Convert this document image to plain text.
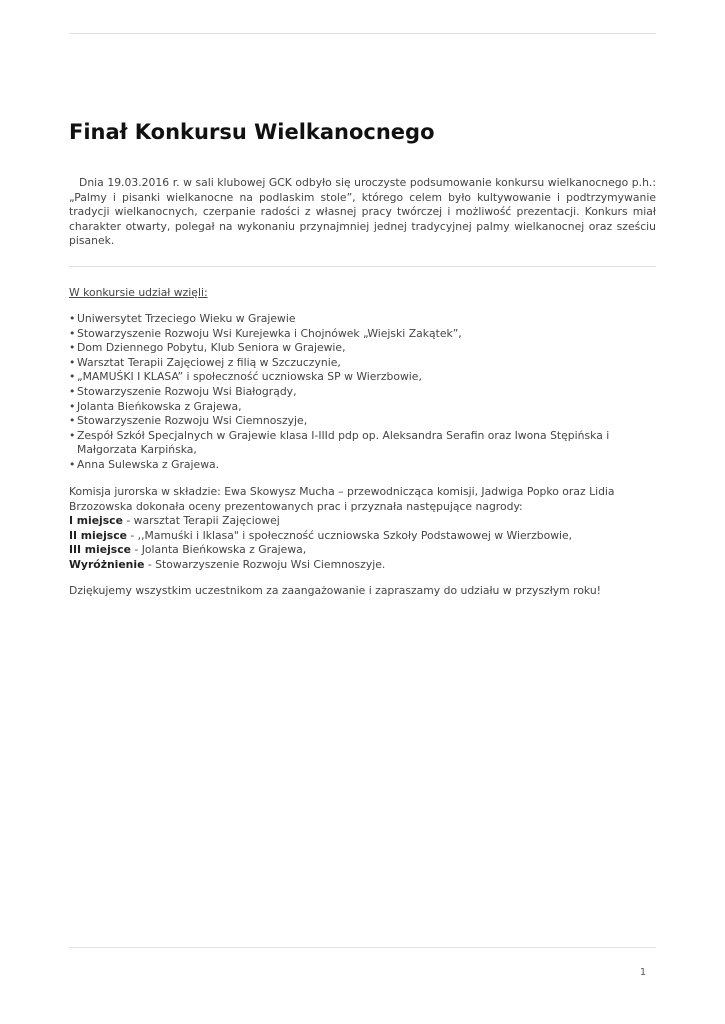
Finał Konkursu Wielkanocnego

Dnia 19.03.2016 r. w sali klubowej GCK odbyło się uroczyste podsumowanie konkursu wielkanocnego p.h.: „Palmy i pisanki wielkanocne na podlaskim stole”, którego celem było kultywowanie i podtrzymywanie tradycji wielkanocnych, czerpanie radości z własnej pracy twórczej i możliwość prezentacji. Konkurs miał charakter otwarty, polegał na wykonaniu przynajmniej jednej tradycyjnej palmy wielkanocnej oraz sześciu pisanek.

W konkursie udział wzięli:

• Uniwersytet Trzeciego Wieku w Grajewie
• Stowarzyszenie Rozwoju Wsi Kurejewka i Chojnówek „Wiejski Zakątek”,
• Dom Dziennego Pobytu, Klub Seniora w Grajewie,
• Warsztat Terapii Zajęciowej z filią w Szczuczynie,
• „MAMUŚKI I KLASA” i społeczność uczniowska SP w Wierzbowie,
• Stowarzyszenie Rozwoju Wsi Białogrądy,
• Jolanta Bieńkowska z Grajewa,
• Stowarzyszenie Rozwoju Wsi Ciemnoszyje,
• Zespół Szkół Specjalnych w Grajewie klasa I-IIId pdp op. Aleksandra Serafin oraz Iwona Stępińska i Małgorzata Karpińska,
• Anna Sulewska z Grajewa.

Komisja jurorska w składzie: Ewa Skowysz Mucha – przewodnicząca komisji, Jadwiga Popko oraz Lidia Brzozowska dokonała oceny prezentowanych prac i przyznała następujące nagrody:

I miejsce - warsztat Terapii Zajęciowej

II miejsce - ,,Mamuśki i Iklasa" i społeczność uczniowska Szkoły Podstawowej w Wierzbowie,

III miejsce - Jolanta Bieńkowska z Grajewa,

Wyróżnienie - Stowarzyszenie Rozwoju Wsi Ciemnoszyje.

Dziękujemy wszystkim uczestnikom za zaangażowanie i zapraszamy do udziału w przyszłym roku!

1
